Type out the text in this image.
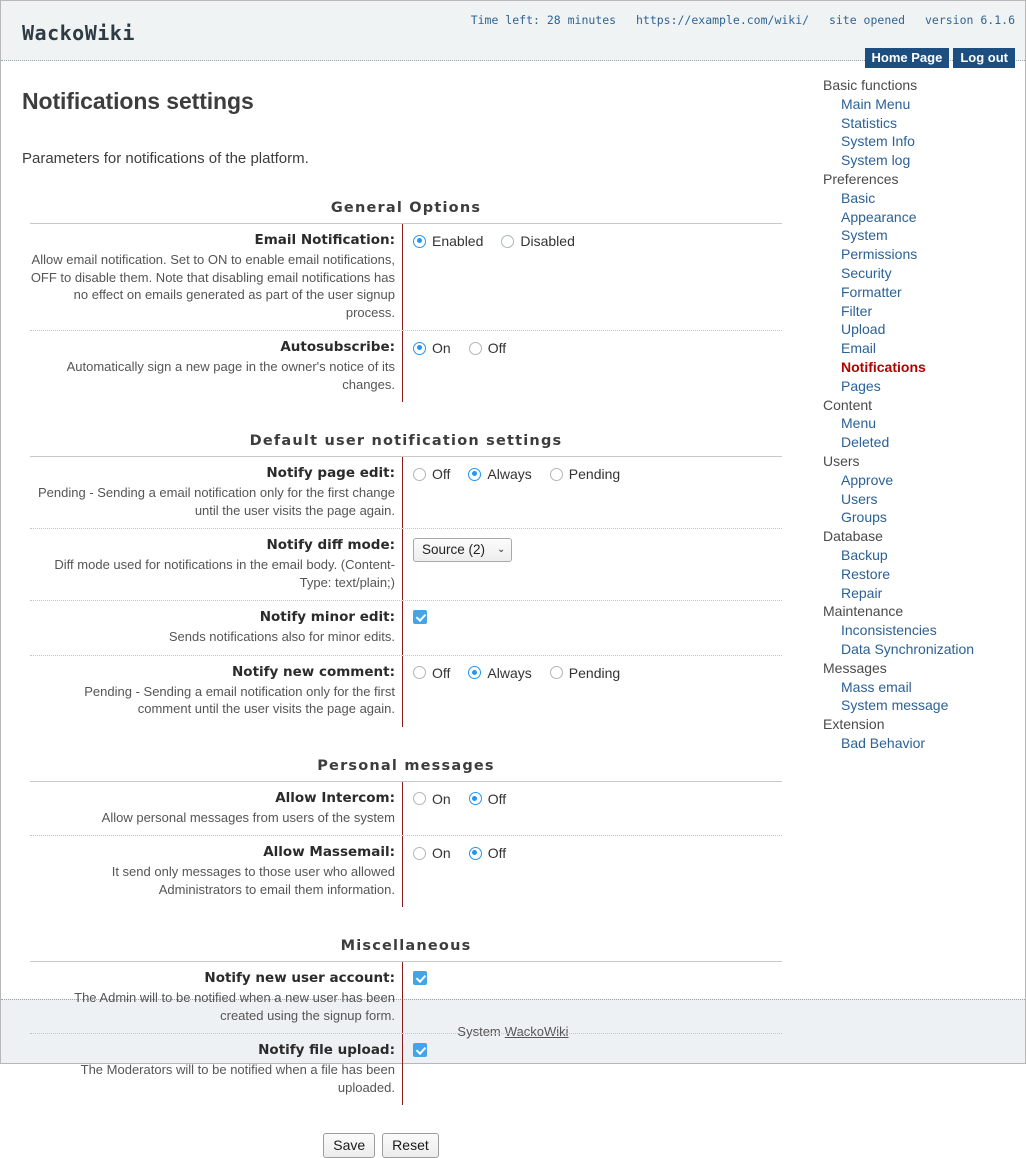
WackoWiki
Time left: 28 minutes https://example.com/wiki/ site opened version 6.1.6
Home Page	Log out
Notifications settings
Parameters for notifications of the platform.
General Options
Email Notification:
Allow email notification. Set to ON to enable email notifications, OFF to disable them. Note that disabling email notifications has no effect on emails generated as part of the user signup process.
Enabled	Disabled
Autosubscribe:
Automatically sign a new page in the owner's notice of its changes.
On	Off
Default user notification settings
Notify page edit:
Pending - Sending a email notification only for the first change until the user visits the page again.
Off	Always	Pending
Notify diff mode:
Diff mode used for notifications in the email body. (Content-Type: text/plain;)
Source (2) ⌄
Notify minor edit:
Sends notifications also for minor edits.
Notify new comment:
Pending - Sending a email notification only for the first comment until the user visits the page again.
Off	Always	Pending
Personal messages
Allow Intercom:
Allow personal messages from users of the system
On	Off
Allow Massemail:
It send only messages to those user who allowed Administrators to email them information.
On	Off
Miscellaneous
Notify new user account:
The Admin will to be notified when a new user has been created using the signup form.
Notify file upload:
The Moderators will to be notified when a file has been uploaded.
Save	Reset
Basic functions
Main Menu
Statistics
System Info
System log
Preferences
Basic
Appearance
System
Permissions
Security
Formatter
Filter
Upload
Email
Notifications
Pages
Content
Menu
Deleted
Users
Approve
Users
Groups
Database
Backup
Restore
Repair
Maintenance
Inconsistencies
Data Synchronization
Messages
Mass email
System message
Extension
Bad Behavior
System WackoWiki
